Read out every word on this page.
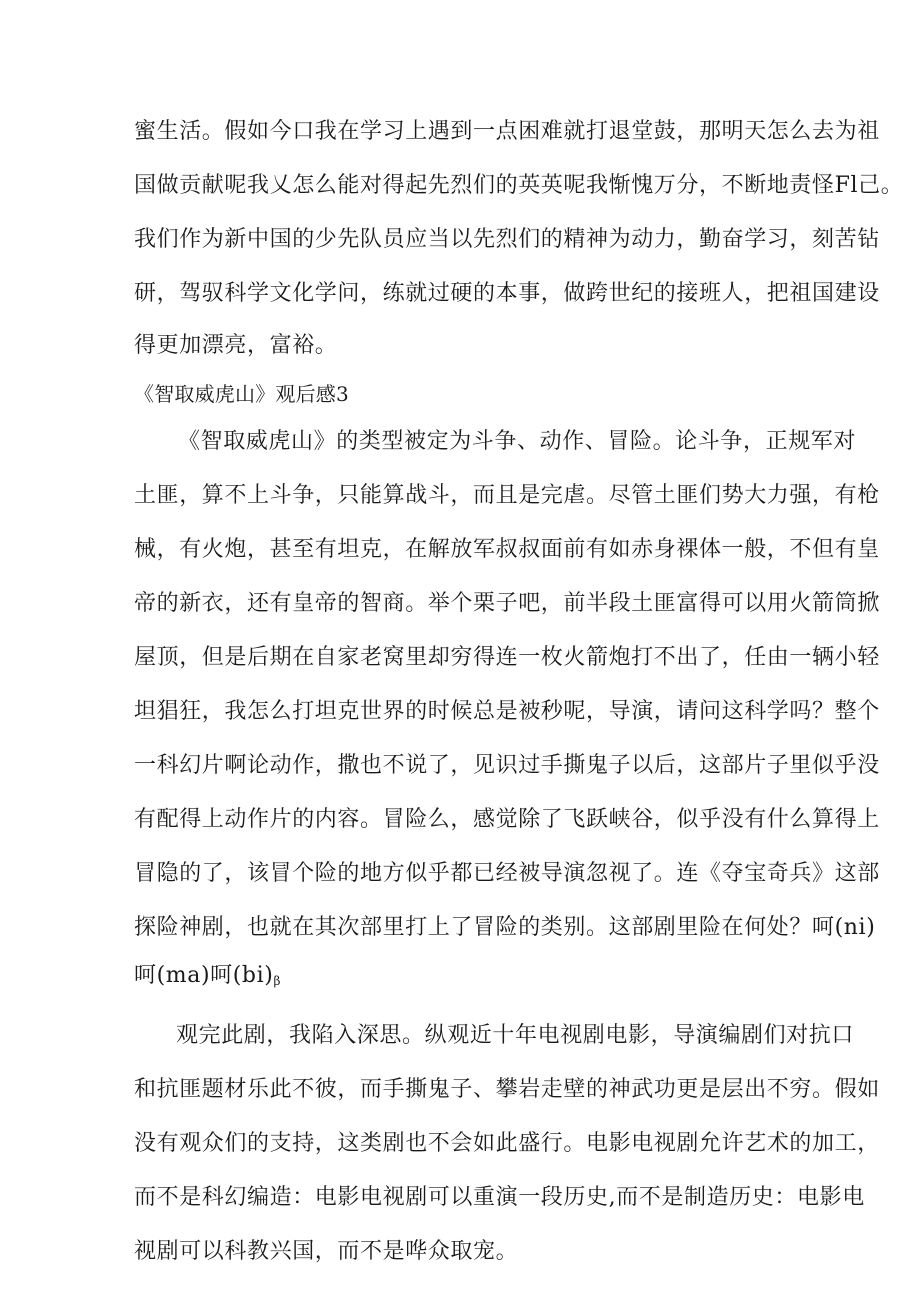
蜜生活。假如今口我在学习上遇到一点困难就打退堂鼓，那明天怎么去为祖
国做贡献呢我乂怎么能对得起先烈们的英英呢我惭愧万分，不断地责怪Fl己。
我们作为新中国的少先队员应当以先烈们的精神为动力，勤奋学习，刻苦钻
研，驾驭科学文化学问，练就过硬的本事，做跨世纪的接班人，把祖国建设
得更加漂亮，富裕。
《智取威虎山》观后感3
《智取威虎山》的类型被定为斗争、动作、冒险。论斗争，正规军对
土匪，算不上斗争，只能算战斗，而且是完虐。尽管土匪们势大力强，有枪
械，有火炮，甚至有坦克，在解放军叔叔面前有如赤身裸体一般，不但有皇
帝的新衣，还有皇帝的智商。举个栗子吧，前半段土匪富得可以用火箭筒掀
屋顶，但是后期在自家老窝里却穷得连一枚火箭炮打不出了，任由一辆小轻
坦猖狂，我怎么打坦克世界的时候总是被秒呢，导演，请问这科学吗？整个
一科幻片啊论动作，撒也不说了，见识过手撕鬼子以后，这部片子里似乎没
有配得上动作片的内容。冒险么，感觉除了飞跃峡谷，似乎没有什么算得上
冒隐的了，该冒个险的地方似乎都已经被导演忽视了。连《夺宝奇兵》这部
探险神剧，也就在其次部里打上了冒险的类别。这部剧里险在何处？呵(ni)
呵(ma)呵$(bi)_\beta$
观完此剧，我陷入深思。纵观近十年电视剧电影，导演编剧们对抗口
和抗匪题材乐此不彼，而手撕鬼子、攀岩走壁的神武功更是层出不穷。假如
没有观众们的支持，这类剧也不会如此盛行。电影电视剧允许艺术的加工，
而不是科幻编造：电影电视剧可以重演一段历史,而不是制造历史：电影电
视剧可以科教兴国，而不是哗众取宠。
